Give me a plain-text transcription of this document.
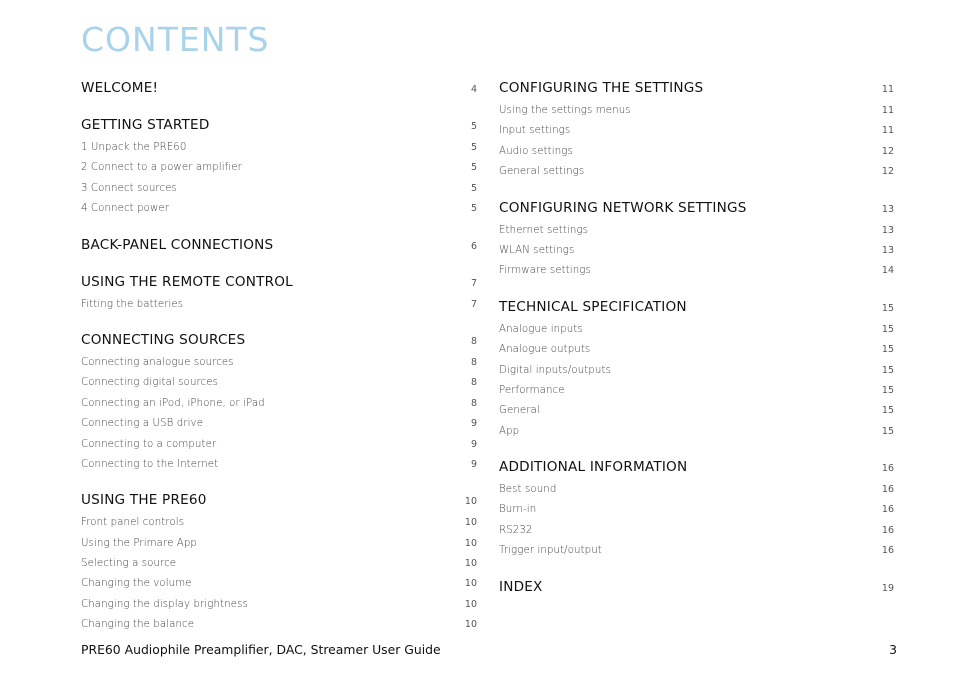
CONTENTS
WELCOME!	4
GETTING STARTED	5
1 Unpack the PRE60	5
2 Connect to a power amplifier	5
3 Connect sources	5
4 Connect power	5
BACK-PANEL CONNECTIONS	6
USING THE REMOTE CONTROL	7
Fitting the batteries	7
CONNECTING SOURCES	8
Connecting analogue sources	8
Connecting digital sources	8
Connecting an iPod, iPhone, or iPad	8
Connecting a USB drive	9
Connecting to a computer	9
Connecting to the Internet	9
USING THE PRE60	10
Front panel controls	10
Using the Primare App	10
Selecting a source	10
Changing the volume	10
Changing the display brightness	10
Changing the balance	10
CONFIGURING THE SETTINGS	11
Using the settings menus	11
Input settings	11
Audio settings	12
General settings	12
CONFIGURING NETWORK SETTINGS	13
Ethernet settings	13
WLAN settings	13
Firmware settings	14
TECHNICAL SPECIFICATION	15
Analogue inputs	15
Analogue outputs	15
Digital inputs/outputs	15
Performance	15
General	15
App	15
ADDITIONAL INFORMATION	16
Best sound	16
Burn-in	16
RS232	16
Trigger input/output	16
INDEX	19
PRE60 Audiophile Preamplifier, DAC, Streamer User Guide	3
